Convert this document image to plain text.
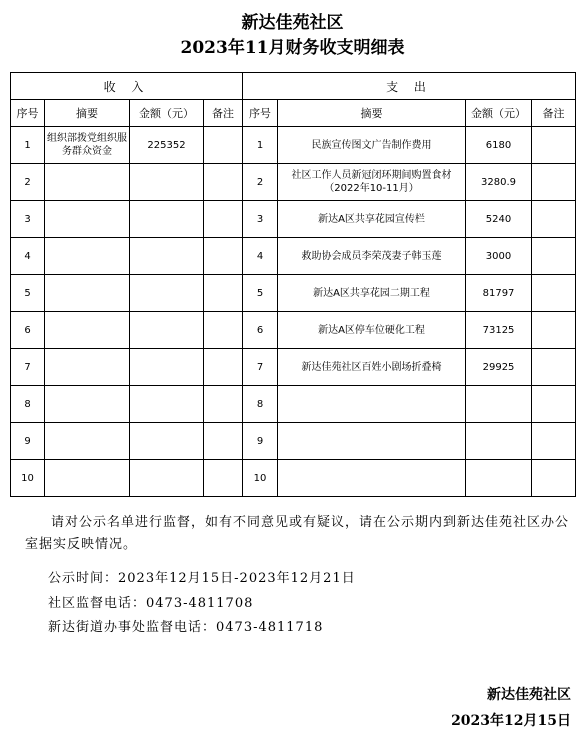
新达佳苑社区
2023年11月财务收支明细表
收 入				支 出			
序号	摘要	金额（元）	备注	序号	摘要	金额（元）	备注
1	组织部拨党组织服务群众资金	225352		1	民族宣传图文广告制作费用	6180	
2				2	社区工作人员新冠闭环期间购置食材（2022年10-11月）	3280.9	
3				3	新达A区共享花园宣传栏	5240	
4				4	救助协会成员李荣茂妻子韩玉莲	3000	
5				5	新达A区共享花园二期工程	81797	
6				6	新达A区停车位硬化工程	73125	
7				7	新达佳苑社区百姓小剧场折叠椅	29925	
8				8			
9				9			
10				10			
请对公示名单进行监督，如有不同意见或有疑议，请在公示期内到新达佳苑社区办公室据实反映情况。
公示时间：2023年12月15日-2023年12月21日
社区监督电话：0473-4811708
新达街道办事处监督电话：0473-4811718
新达佳苑社区
2023年12月15日
